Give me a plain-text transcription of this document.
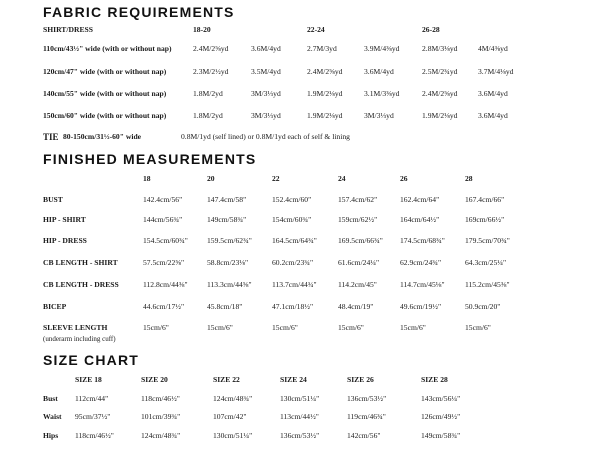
FABRIC REQUIREMENTS
SHIRT/DRESS	18-20	22-24	26-28
110cm/43½" wide (with or without nap)	2.4M/2⅝yd	3.6M/4yd	2.7M/3yd	3.9M/4⅜yd	2.8M/3⅛yd	4M/4⅜yd
120cm/47" wide (with or without nap)	2.3M/2½yd	3.5M/4yd	2.4M/2⅝yd	3.6M/4yd	2.5M/2¾yd	3.7M/4⅛yd
140cm/55" wide (with or without nap)	1.8M/2yd	3M/3⅓yd	1.9M/2⅛yd	3.1M/3⅜yd	2.4M/2⅝yd	3.6M/4yd
150cm/60" wide (with or without nap)	1.8M/2yd	3M/3⅓yd	1.9M/2⅛yd	3M/3⅓yd	1.9M/2⅛yd	3.6M/4yd
TIE 80-150cm/31½-60" wide	0.8M/1yd (self lined) or 0.8M/1yd each of self & lining
FINISHED MEASUREMENTS
18	20	22	24	26	28
BUST	142.4cm/56"	147.4cm/58"	152.4cm/60"	157.4cm/62"	162.4cm/64"	167.4cm/66"
HIP - SHIRT	144cm/56¾"	149cm/58¾"	154cm/60¾"	159cm/62½"	164cm/64½"	169cm/66½"
HIP - DRESS	154.5cm/60¾"	159.5cm/62¾"	164.5cm/64¾"	169.5cm/66¾" 174.5cm/68¾"	179.5cm/70¾"
CB LENGTH - SHIRT	57.5cm/22⅝"	58.8cm/23⅛"	60.2cm/23¾"	61.6cm/24¼"	62.9cm/24¾"	64.3cm/25¼"
CB LENGTH - DRESS	112.8cm/44⅜"	113.3cm/44⅝"	113.7cm/44¾"	114.2cm/45"	114.7cm/45⅛"	115.2cm/45⅜"
BICEP	44.6cm/17½"	45.8cm/18"	47.1cm/18½"	48.4cm/19"	49.6cm/19½"	50.9cm/20"
SLEEVE LENGTH	15cm/6"	15cm/6"	15cm/6"	15cm/6"	15cm/6"	15cm/6"
(underarm including cuff)
SIZE CHART
SIZE 18	SIZE 20	SIZE 22	SIZE 24	SIZE 26	SIZE 28
Bust 112cm/44"	118cm/46½"	124cm/48¾"	130cm/51¼"	136cm/53½"	143cm/56¼"
Waist 95cm/37½"	101cm/39¾"	107cm/42"	113cm/44½"	119cm/46¾"	126cm/49½"
Hips 118cm/46½"	124cm/48¾"	130cm/51¼"	136cm/53½"	142cm/56"	149cm/58¾"
